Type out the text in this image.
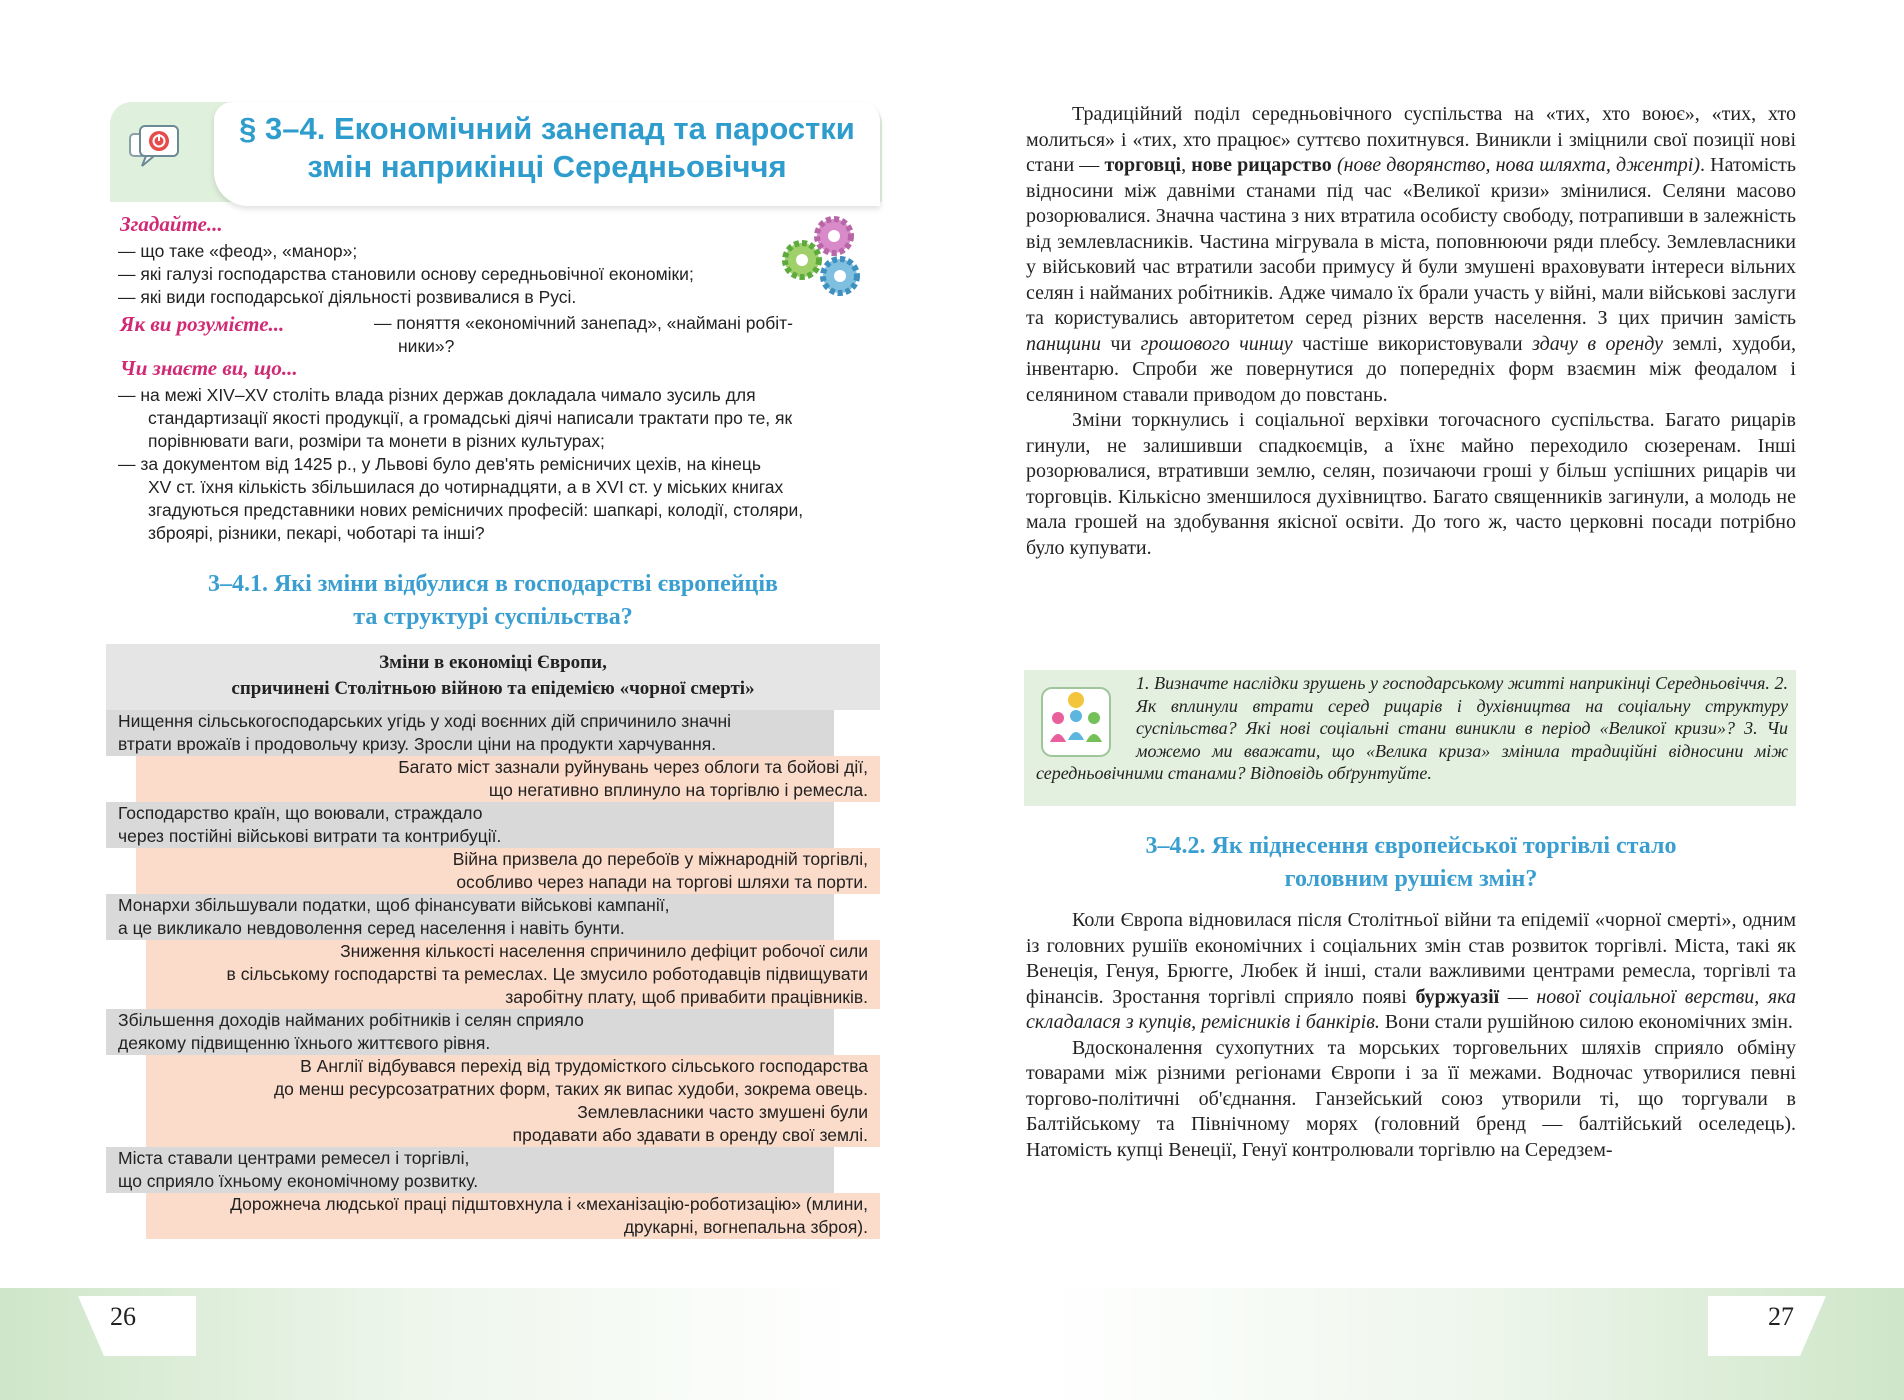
26	27
§ 3–4. Економічний занепад та паростки
змін наприкінці Середньовіччя
Згадайте...
— що таке «феод», «манор»;
— які галузі господарства становили основу середньовічної економіки;
— які види господарської діяльності розвивалися в Русі.
Як ви розумієте...	— поняття «економічний занепад», «наймані робіт-
ники»?
Чи знаєте ви, що...
— на межі XIV–XV століть влада різних держав докладала чимало зусиль для
стандартизації якості продукції, а громадські діячі написали трактати про те, як
порівнювати ваги, розміри та монети в різних культурах;
— за документом від 1425 р., у Львові було дев'ять ремісничих цехів, на кінець
XV ст. їхня кількість збільшилася до чотирнадцяти, а в XVI ст. у міських книгах
згадуються представники нових ремісничих професій: шапкарі, колодії, столяри,
зброярі, різники, пекарі, чоботарі та інші?
3–4.1. Які зміни відбулися в господарстві європейців
та структурі суспільства?
Зміни в економіці Європи,
спричинені Столітньою війною та епідемією «чорної смерті»
Нищення сільськогосподарських угідь у ході воєнних дій спричинило значні
втрати врожаїв і продовольчу кризу. Зросли ціни на продукти харчування.
Багато міст зазнали руйнувань через облоги та бойові дії,
що негативно вплинуло на торгівлю і ремесла.
Господарство країн, що воювали, страждало
через постійні військові витрати та контрибуції.
Війна призвела до перебоїв у міжнародній торгівлі,
особливо через напади на торгові шляхи та порти.
Монархи збільшували податки, щоб фінансувати військові кампанії,
а це викликало невдоволення серед населення і навіть бунти.
Зниження кількості населення спричинило дефіцит робочої сили
в сільському господарстві та ремеслах. Це змусило роботодавців підвищувати
заробітну плату, щоб привабити працівників.
Збільшення доходів найманих робітників і селян сприяло
деякому підвищенню їхнього життєвого рівня.
В Англії відбувався перехід від трудомісткого сільського господарства
до менш ресурсозатратних форм, таких як випас худоби, зокрема овець.
Землевласники часто змушені були
продавати або здавати в оренду свої землі.
Міста ставали центрами ремесел і торгівлі,
що сприяло їхньому економічному розвитку.
Дорожнеча людської праці підштовхнула і «механізацію-роботизацію» (млини,
друкарні, вогнепальна зброя).

Традиційний поділ середньовічного суспільства на «тих, хто воює», «тих, хто молиться» і «тих, хто працює» суттєво похитнувся. Виникли і зміцнили свої позиції нові стани — торговці, нове рицарство (нове дворянство, нова шляхта, джентрі). Натомість відносини між давніми станами під час «Великої кризи» змінилися. Селяни масово розорювалися. Значна частина з них втратила особисту свободу, потрапивши в залежність від землевласників. Частина мігрувала в міста, поповнюючи ряди плебсу. Землевласники у військовий час втратили засоби примусу й були змушені враховувати інтереси вільних селян і найманих робітників. Адже чимало їх брали участь у війні, мали військові заслуги та користувались авторитетом серед різних верств населення. З цих причин замість панщини чи грошового чиншу частіше використовували здачу в оренду землі, худоби, інвентарю. Спроби же повернутися до попередніх форм взаємин між феодалом і селянином ставали приводом до повстань.

Зміни торкнулись і соціальної верхівки тогочасного суспільства. Багато рицарів гинули, не залишивши спадкоємців, а їхнє майно переходило сюзеренам. Інші розорювалися, втративши землю, селян, позичаючи гроші у більш успішних рицарів чи торговців. Кількісно зменшилося духівництво. Багато священників загинули, а молодь не мала грошей на здобування якісної освіти. До того ж, часто церковні посади потрібно було купувати.

1. Визначте наслідки зрушень у господарському житті наприкінці Середньовіччя. 2. Як вплинули втрати серед рицарів і духівництва на соціальну структуру суспільства? Які нові соціальні стани виникли в період «Великої кризи»? 3. Чи можемо ми вважати, що «Велика криза» змінила традиційні відносини між середньовічними станами? Відповідь обґрунтуйте.
3–4.2. Як піднесення європейської торгівлі стало
головним рушієм змін?

Коли Європа відновилася після Столітньої війни та епідемії «чорної смерті», одним із головних рушіїв економічних і соціальних змін став розвиток торгівлі. Міста, такі як Венеція, Генуя, Брюгге, Любек й інші, стали важливими центрами ремесла, торгівлі та фінансів. Зростання торгівлі сприяло появі буржуазії — нової соціальної верстви, яка складалася з купців, ремісників і банкірів. Вони стали рушійною силою економічних змін.

Вдосконалення сухопутних та морських торговельних шляхів сприяло обміну товарами між різними регіонами Європи і за її межами. Водночас утворилися певні торгово-політичні об'єднання. Ганзейський союз утворили ті, що торгували в Балтійському та Північному морях (головний бренд — балтійський оселедець). Натомість купці Венеції, Генуї контролювали торгівлю на Середзем-
